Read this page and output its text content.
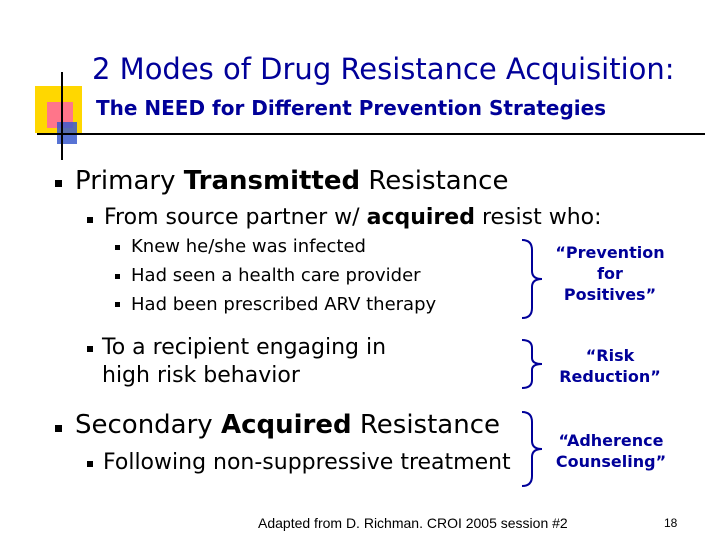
2 Modes of Drug Resistance Acquisition:
The NEED for Different Prevention Strategies
Primary Transmitted Resistance
From source partner w/ acquired resist who:
Knew he/she was infected
Had seen a health care provider
Had been prescribed ARV therapy
To a recipient engaging in
high risk behavior
Secondary Acquired Resistance
Following non-suppressive treatment
“Prevention
for
Positives”
“Risk
Reduction”
“Adherence
Counseling”
Adapted from D. Richman. CROI 2005 session #2	18
